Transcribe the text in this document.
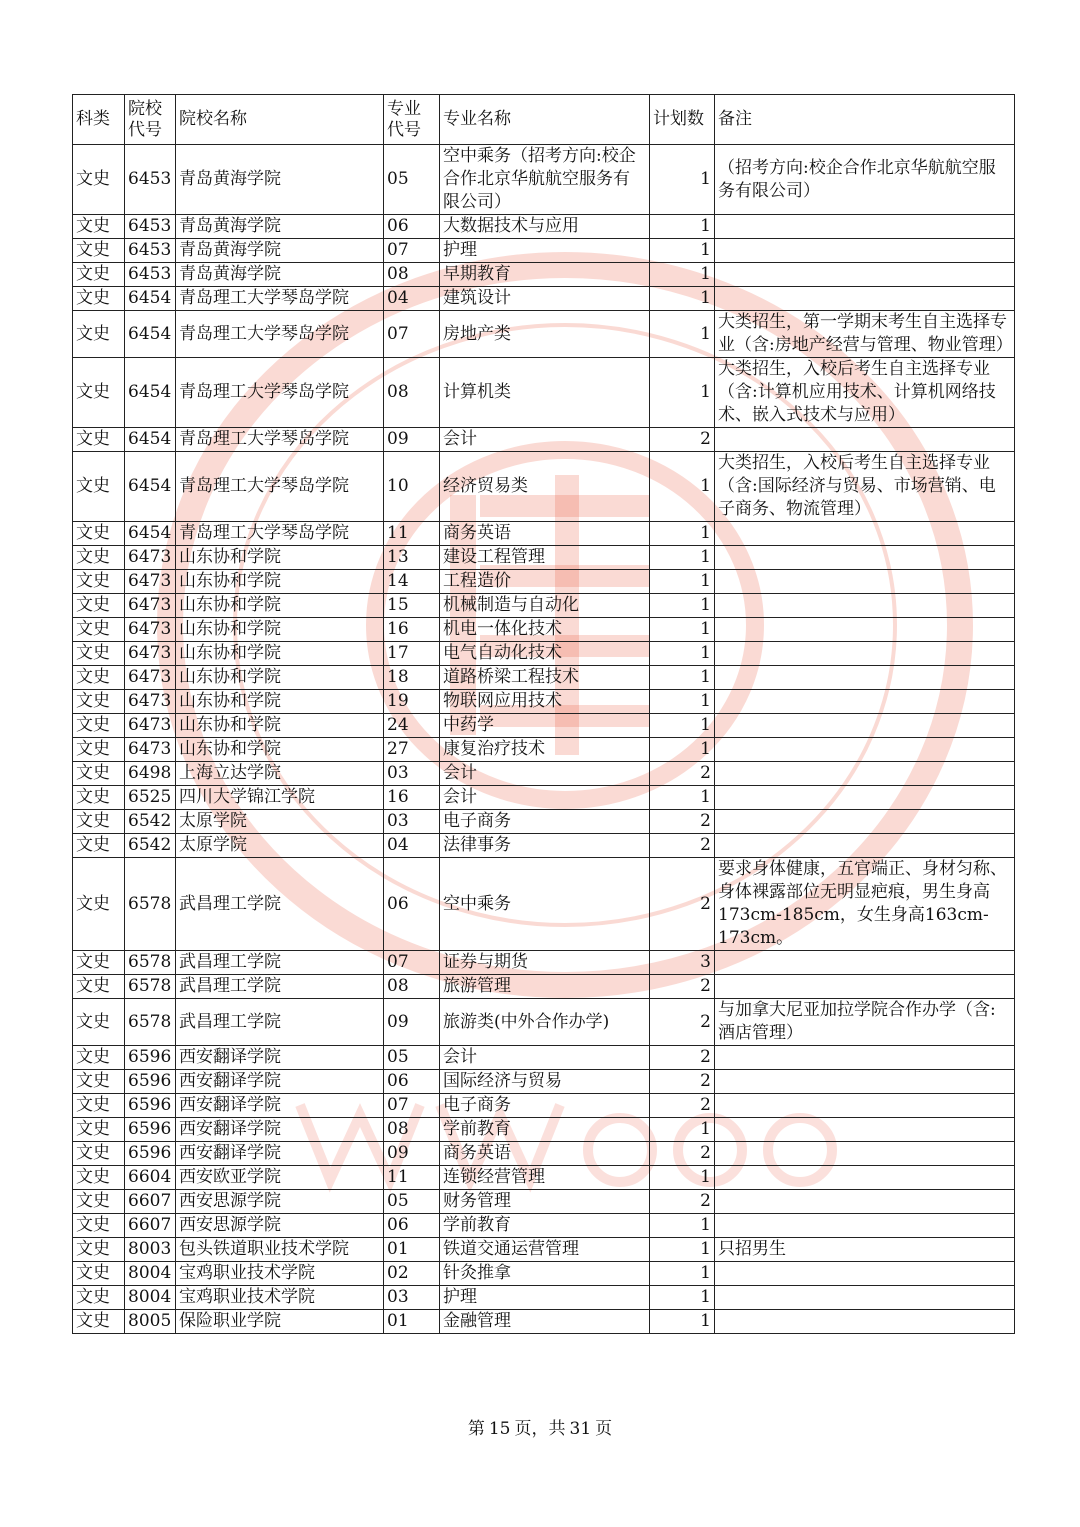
科类	院校代号	院校名称	专业代号	专业名称	计划数	备注
文史	6453	青岛黄海学院	05	空中乘务（招考方向:校企合作北京华航航空服务有限公司）	1	（招考方向:校企合作北京华航航空服务有限公司）
文史	6453	青岛黄海学院	06	大数据技术与应用	1	
文史	6453	青岛黄海学院	07	护理	1	
文史	6453	青岛黄海学院	08	早期教育	1	
文史	6454	青岛理工大学琴岛学院	04	建筑设计	1	
文史	6454	青岛理工大学琴岛学院	07	房地产类	1	大类招生，第一学期末考生自主选择专业（含:房地产经营与管理、物业管理）
文史	6454	青岛理工大学琴岛学院	08	计算机类	1	大类招生，入校后考生自主选择专业（含:计算机应用技术、计算机网络技术、嵌入式技术与应用）
文史	6454	青岛理工大学琴岛学院	09	会计	2	
文史	6454	青岛理工大学琴岛学院	10	经济贸易类	1	大类招生，入校后考生自主选择专业（含:国际经济与贸易、市场营销、电子商务、物流管理）
文史	6454	青岛理工大学琴岛学院	11	商务英语	1	
文史	6473	山东协和学院	13	建设工程管理	1	
文史	6473	山东协和学院	14	工程造价	1	
文史	6473	山东协和学院	15	机械制造与自动化	1	
文史	6473	山东协和学院	16	机电一体化技术	1	
文史	6473	山东协和学院	17	电气自动化技术	1	
文史	6473	山东协和学院	18	道路桥梁工程技术	1	
文史	6473	山东协和学院	19	物联网应用技术	1	
文史	6473	山东协和学院	24	中药学	1	
文史	6473	山东协和学院	27	康复治疗技术	1	
文史	6498	上海立达学院	03	会计	2	
文史	6525	四川大学锦江学院	16	会计	1	
文史	6542	太原学院	03	电子商务	2	
文史	6542	太原学院	04	法律事务	2	
文史	6578	武昌理工学院	06	空中乘务	2	要求身体健康，五官端正、身材匀称、身体裸露部位无明显疤痕，男生身高173cm-185cm，女生身高163cm-173cm。
文史	6578	武昌理工学院	07	证券与期货	3	
文史	6578	武昌理工学院	08	旅游管理	2	
文史	6578	武昌理工学院	09	旅游类(中外合作办学)	2	与加拿大尼亚加拉学院合作办学（含:酒店管理）
文史	6596	西安翻译学院	05	会计	2	
文史	6596	西安翻译学院	06	国际经济与贸易	2	
文史	6596	西安翻译学院	07	电子商务	2	
文史	6596	西安翻译学院	08	学前教育	1	
文史	6596	西安翻译学院	09	商务英语	2	
文史	6604	西安欧亚学院	11	连锁经营管理	1	
文史	6607	西安思源学院	05	财务管理	2	
文史	6607	西安思源学院	06	学前教育	1	
文史	8003	包头铁道职业技术学院	01	铁道交通运营管理	1	只招男生
文史	8004	宝鸡职业技术学院	02	针灸推拿	1	
文史	8004	宝鸡职业技术学院	03	护理	1	
文史	8005	保险职业学院	01	金融管理	1	
第 15 页，共 31 页
